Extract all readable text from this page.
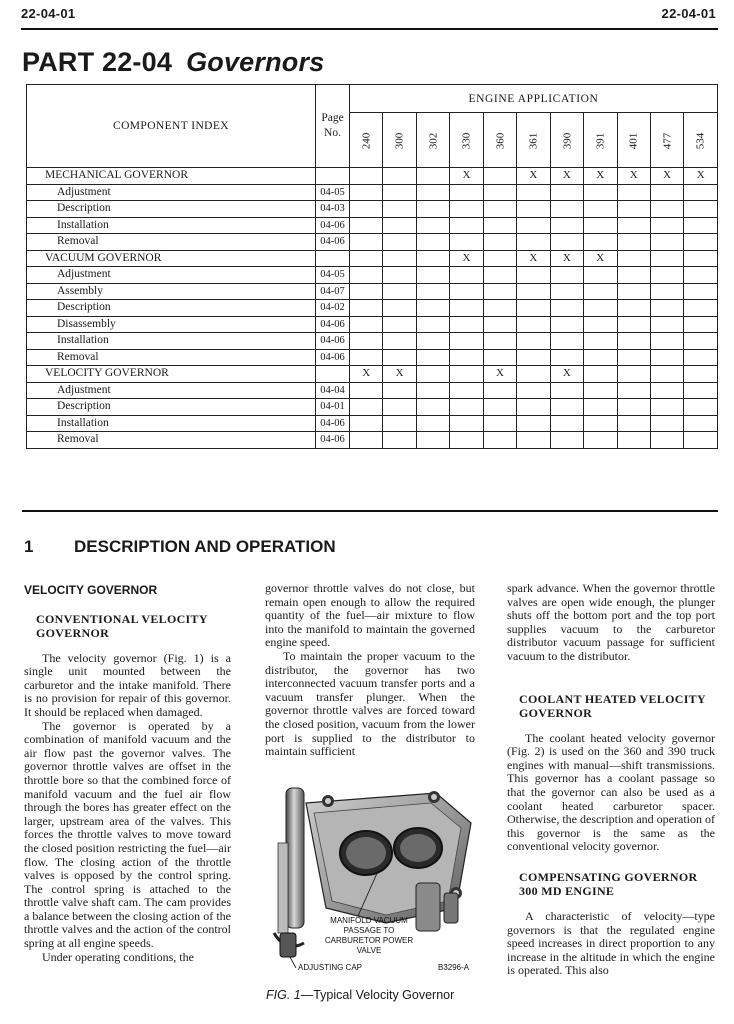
22-04-01	22-04-01
PART 22-04 Governors
COMPONENT INDEX	Page
No.	ENGINE APPLICATION										
		240	300	302	330	360	361	390	391	401	477	534
MECHANICAL GOVERNOR					X		X	X	X	X	X	X
Adjustment	04-05											
Description	04-03											
Installation	04-06											
Removal	04-06											
VACUUM GOVERNOR					X		X	X	X			
Adjustment	04-05											
Assembly	04-07											
Description	04-02											
Disassembly	04-06											
Installation	04-06											
Removal	04-06											
VELOCITY GOVERNOR		X	X			X		X				
Adjustment	04-04											
Description	04-01											
Installation	04-06											
Removal	04-06											
1 DESCRIPTION AND OPERATION
VELOCITY GOVERNOR
CONVENTIONAL VELOCITY GOVERNOR

The velocity governor (Fig. 1) is a single unit mounted between the carburetor and the intake manifold. There is no provision for repair of this governor. It should be replaced when damaged.

The governor is operated by a combination of manifold vacuum and the air flow past the governor valves. The governor throttle valves are offset in the throttle bore so that the combined force of manifold vacuum and the fuel air flow through the bores has greater effect on the larger, upstream area of the valves. This forces the throttle valves to move toward the closed position restricting the fuel—air flow. The closing action of the throttle valves is opposed by the control spring. The control spring is attached to the throttle valve shaft cam. The cam provides a balance between the closing action of the throttle valves and the action of the control spring at all engine speeds.

Under operating conditions, the

governor throttle valves do not close, but remain open enough to allow the required quantity of the fuel—air mixture to flow into the manifold to maintain the governed engine speed.

To maintain the proper vacuum to the distributor, the governor has two interconnected vacuum transfer ports and a vacuum transfer plunger. When the governor throttle valves are forced toward the closed position, vacuum from the lower port is supplied to the distributor to maintain sufficient

MANIFOLD VACUUM PASSAGE TO CARBURETOR POWER VALVE
ADJUSTING CAP	B3296-A
FIG. 1—Typical Velocity Governor

spark advance. When the governor throttle valves are open wide enough, the plunger shuts off the bottom port and the top port supplies vacuum to the carburetor distributor vacuum passage for sufficient vacuum to the distributor.

COOLANT HEATED VELOCITY GOVERNOR

The coolant heated velocity governor (Fig. 2) is used on the 360 and 390 truck engines with manual—shift transmissions. This governor has a coolant passage so that the governor can also be used as a coolant heated carburetor spacer. Otherwise, the description and operation of this governor is the same as the conventional velocity governor.

COMPENSATING GOVERNOR 300 MD ENGINE

A characteristic of velocity—type governors is that the regulated engine speed increases in direct proportion to any increase in the altitude in which the engine is operated. This also
